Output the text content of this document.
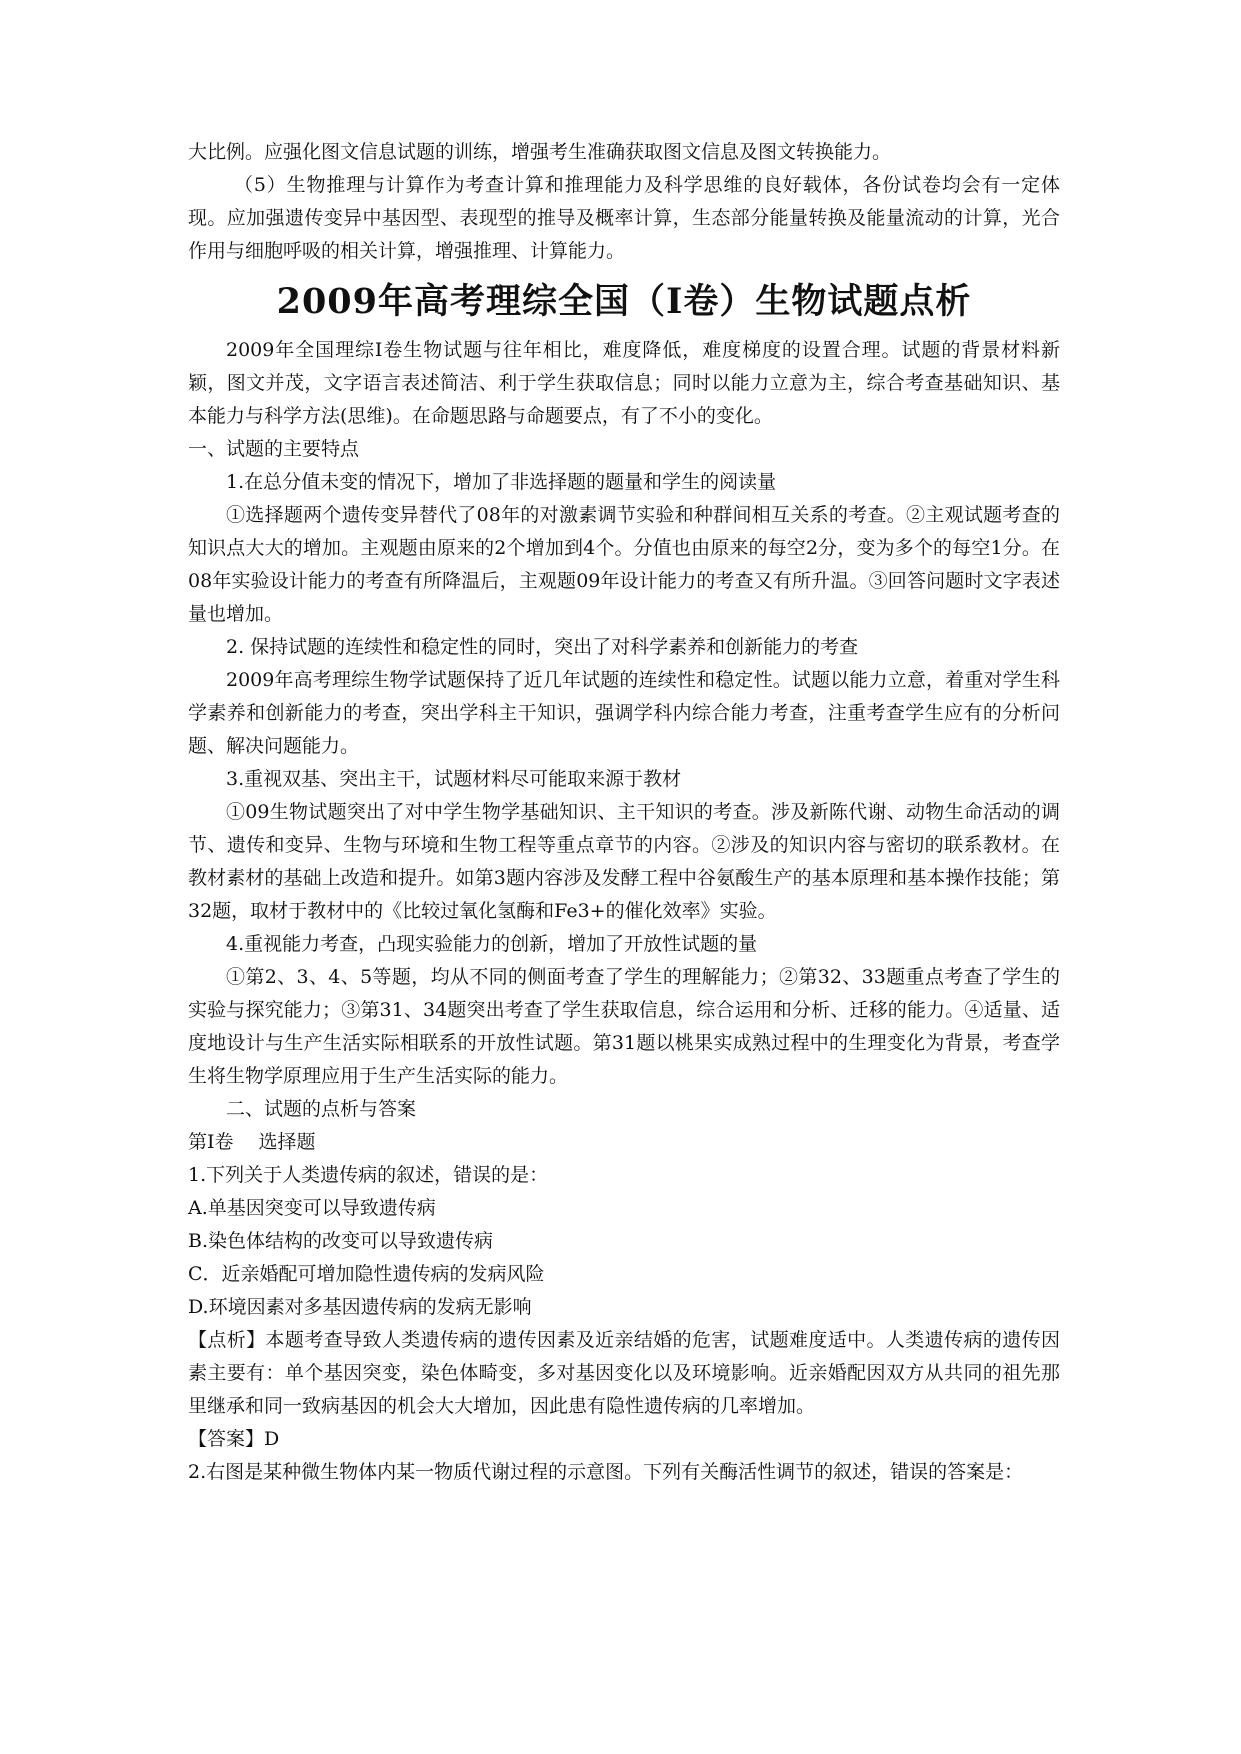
大比例。应强化图文信息试题的训练，增强考生准确获取图文信息及图文转换能力。

（5）生物推理与计算作为考查计算和推理能力及科学思维的良好载体，各份试卷均会有一定体现。应加强遗传变异中基因型、表现型的推导及概率计算，生态部分能量转换及能量流动的计算，光合作用与细胞呼吸的相关计算，增强推理、计算能力。

2009年高考理综全国（Ⅰ卷）生物试题点析

2009年全国理综Ⅰ卷生物试题与往年相比，难度降低，难度梯度的设置合理。试题的背景材料新颖，图文并茂，文字语言表述简洁、利于学生获取信息；同时以能力立意为主，综合考查基础知识、基本能力与科学方法(思维)。在命题思路与命题要点，有了不小的变化。

一、试题的主要特点

1.在总分值未变的情况下，增加了非选择题的题量和学生的阅读量

①选择题两个遗传变异替代了08年的对激素调节实验和种群间相互关系的考查。②主观试题考查的知识点大大的增加。主观题由原来的2个增加到4个。分值也由原来的每空2分，变为多个的每空1分。在08年实验设计能力的考查有所降温后，主观题09年设计能力的考查又有所升温。③回答问题时文字表述量也增加。

2. 保持试题的连续性和稳定性的同时，突出了对科学素养和创新能力的考查

2009年高考理综生物学试题保持了近几年试题的连续性和稳定性。试题以能力立意，着重对学生科学素养和创新能力的考查，突出学科主干知识，强调学科内综合能力考查，注重考查学生应有的分析问题、解决问题能力。

3.重视双基、突出主干，试题材料尽可能取来源于教材

①09生物试题突出了对中学生物学基础知识、主干知识的考查。涉及新陈代谢、动物生命活动的调节、遗传和变异、生物与环境和生物工程等重点章节的内容。②涉及的知识内容与密切的联系教材。在教材素材的基础上改造和提升。如第3题内容涉及发酵工程中谷氨酸生产的基本原理和基本操作技能；第32题，取材于教材中的《比较过氧化氢酶和Fe3+的催化效率》实验。

4.重视能力考查，凸现实验能力的创新，增加了开放性试题的量

①第2、3、4、5等题，均从不同的侧面考查了学生的理解能力；②第32、33题重点考查了学生的实验与探究能力；③第31、34题突出考查了学生获取信息，综合运用和分析、迁移的能力。④适量、适度地设计与生产生活实际相联系的开放性试题。第31题以桃果实成熟过程中的生理变化为背景，考查学生将生物学原理应用于生产生活实际的能力。

二、试题的点析与答案

第Ⅰ卷　 选择题

1.下列关于人类遗传病的叙述，错误的是：

A.单基因突变可以导致遗传病

B.染色体结构的改变可以导致遗传病

C．近亲婚配可增加隐性遗传病的发病风险

D.环境因素对多基因遗传病的发病无影响

【点析】本题考查导致人类遗传病的遗传因素及近亲结婚的危害，试题难度适中。人类遗传病的遗传因素主要有：单个基因突变，染色体畸变，多对基因变化以及环境影响。近亲婚配因双方从共同的祖先那里继承和同一致病基因的机会大大增加，因此患有隐性遗传病的几率增加。

【答案】D

2.右图是某种微生物体内某一物质代谢过程的示意图。下列有关酶活性调节的叙述，错误的答案是：
